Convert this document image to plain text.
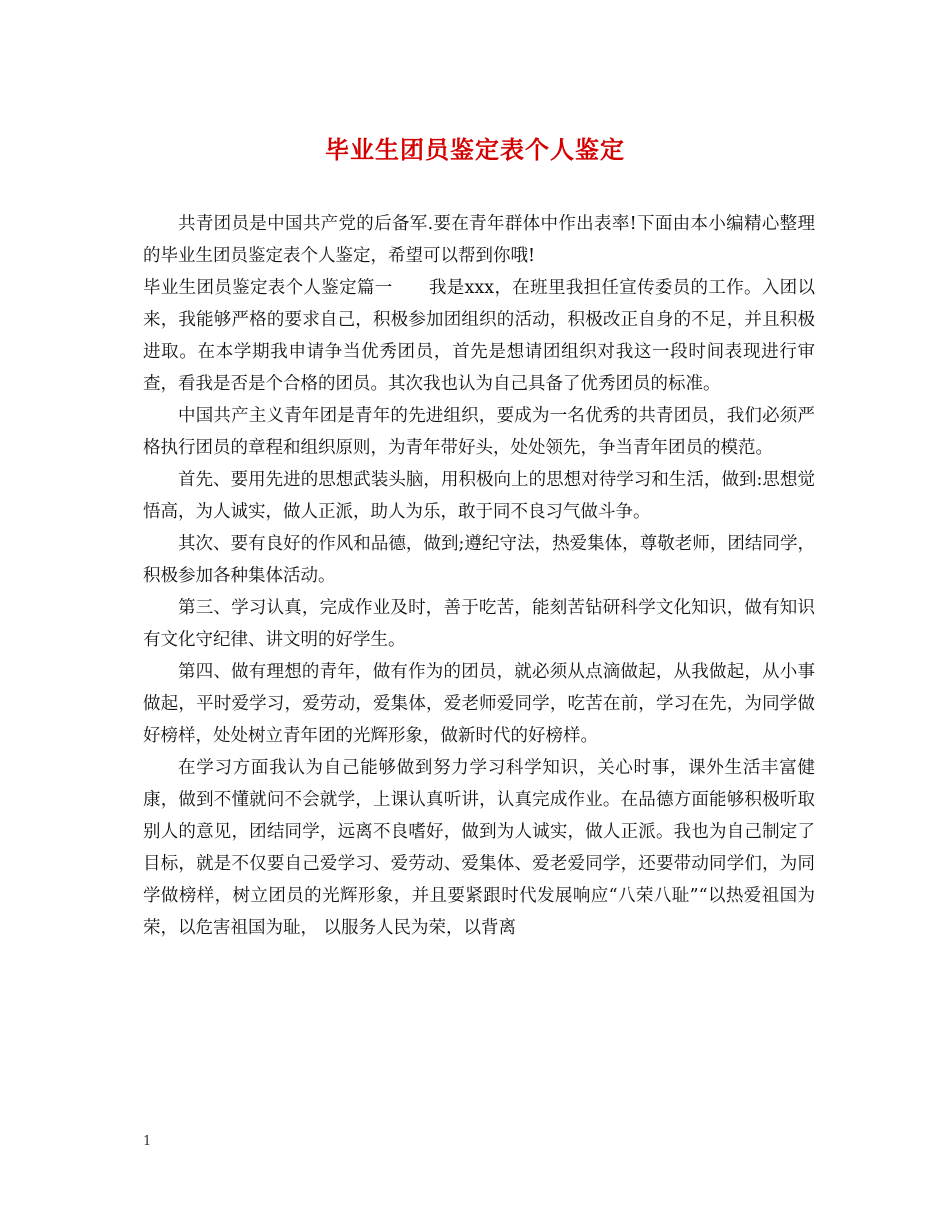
毕业生团员鉴定表个人鉴定

共青团员是中国共产党的后备军.要在青年群体中作出表率!下面由本小编精心整理的毕业生团员鉴定表个人鉴定，希望可以帮到你哦!

毕业生团员鉴定表个人鉴定篇一 我是xxx，在班里我担任宣传委员的工作。入团以来，我能够严格的要求自己，积极参加团组织的活动，积极改正自身的不足，并且积极进取。在本学期我申请争当优秀团员，首先是想请团组织对我这一段时间表现进行审查，看我是否是个合格的团员。其次我也认为自己具备了优秀团员的标准。

中国共产主义青年团是青年的先进组织，要成为一名优秀的共青团员，我们必须严格执行团员的章程和组织原则，为青年带好头，处处领先，争当青年团员的模范。

首先、要用先进的思想武装头脑，用积极向上的思想对待学习和生活，做到:思想觉悟高，为人诚实，做人正派，助人为乐，敢于同不良习气做斗争。

其次、要有良好的作风和品德，做到;遵纪守法，热爱集体，尊敬老师，团结同学，积极参加各种集体活动。

第三、学习认真，完成作业及时，善于吃苦，能刻苦钻研科学文化知识，做有知识有文化守纪律、讲文明的好学生。

第四、做有理想的青年，做有作为的团员，就必须从点滴做起，从我做起，从小事做起，平时爱学习，爱劳动，爱集体，爱老师爱同学，吃苦在前，学习在先，为同学做好榜样，处处树立青年团的光辉形象，做新时代的好榜样。

在学习方面我认为自己能够做到努力学习科学知识，关心时事，课外生活丰富健康，做到不懂就问不会就学，上课认真听讲，认真完成作业。在品德方面能够积极听取别人的意见，团结同学，远离不良嗜好，做到为人诚实，做人正派。我也为自己制定了目标，就是不仅要自己爱学习、爱劳动、爱集体、爱老爱同学，还要带动同学们，为同学做榜样，树立团员的光辉形象，并且要紧跟时代发展响应“八荣八耻”“以热爱祖国为荣，以危害祖国为耻， 以服务人民为荣，以背离

1
